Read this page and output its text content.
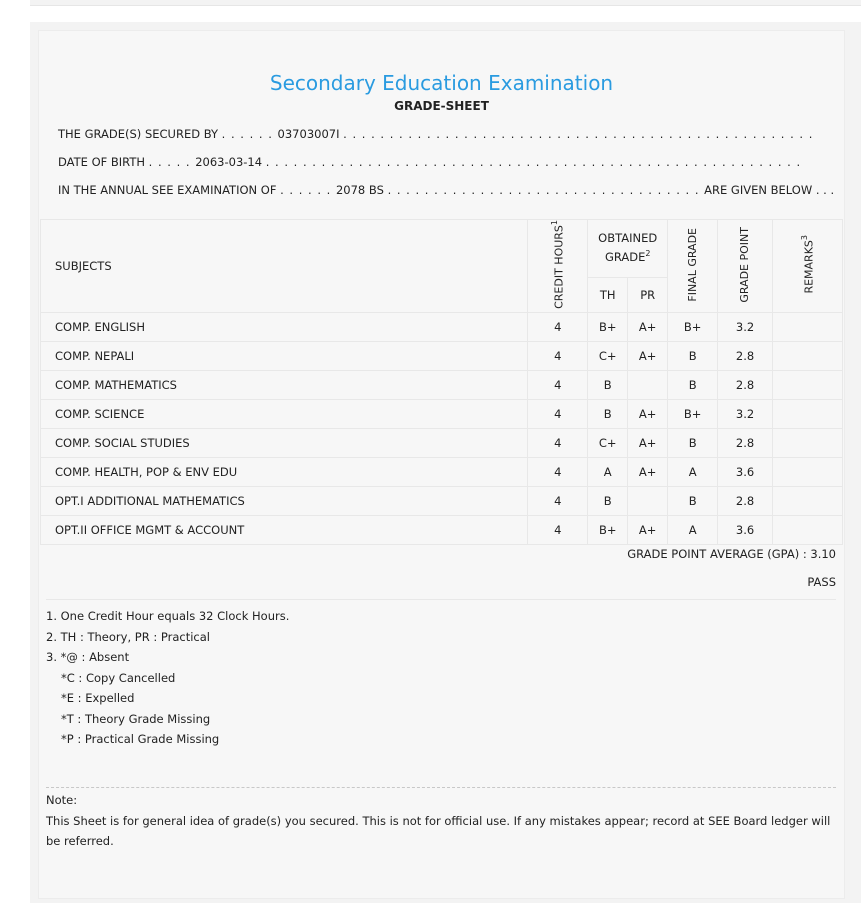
Secondary Education Examination
GRADE-SHEET
THE GRADE(S) SECURED BY . . . . . . 03703007I . . . . . . . . . . . . . . . . . . . . . . . . . . . . . . . . . . . . . . . . . . . . . . . . . . .
DATE OF BIRTH . . . . . 2063-03-14 . . . . . . . . . . . . . . . . . . . . . . . . . . . . . . . . . . . . . . . . . . . . . . . . . . . . . . . . . .
IN THE ANNUAL SEE EXAMINATION OF . . . . . . 2078 BS . . . . . . . . . . . . . . . . . . . . . . . . . . . . . . . . . . ARE GIVEN BELOW . . .
SUBJECTS	CREDIT HOURS$^1$	OBTAINED GRADE$^2$		FINAL GRADE	GRADE POINT	REMARKS$^3$
		TH	PR			
COMP. ENGLISH	4	B+	A+	B+	3.2	
COMP. NEPALI	4	C+	A+	B	2.8	
COMP. MATHEMATICS	4	B		B	2.8	
COMP. SCIENCE	4	B	A+	B+	3.2	
COMP. SOCIAL STUDIES	4	C+	A+	B	2.8	
COMP. HEALTH, POP & ENV EDU	4	A	A+	A	3.6	
OPT.I ADDITIONAL MATHEMATICS	4	B		B	2.8	
OPT.II OFFICE MGMT & ACCOUNT	4	B+	A+	A	3.6	
GRADE POINT AVERAGE (GPA) : 3.10
PASS
1. One Credit Hour equals 32 Clock Hours.
2. TH : Theory, PR : Practical
3. *@ : Absent
*C : Copy Cancelled
*E : Expelled
*T : Theory Grade Missing
*P : Practical Grade Missing
Note:
This Sheet is for general idea of grade(s) you secured. This is not for official use. If any mistakes appear; record at SEE Board ledger will be referred.
